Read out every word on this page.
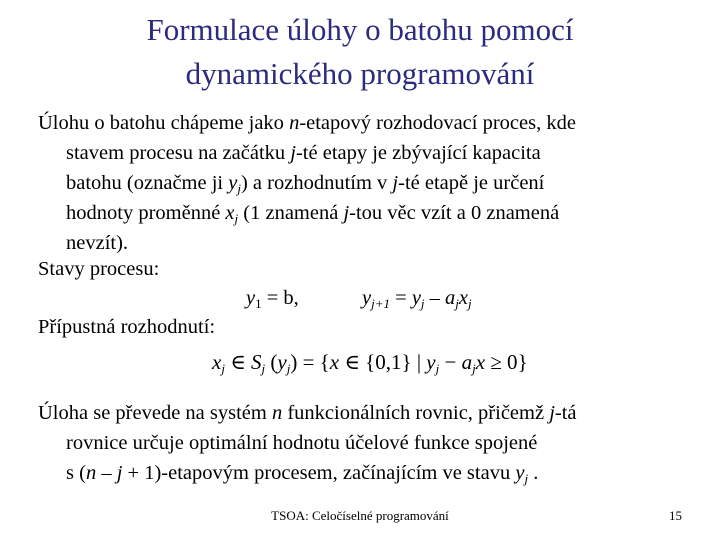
Formulace úlohy o batohu pomocí
dynamického programování
Úlohu o batohu chápeme jako n-etapový rozhodovací proces, kde
stavem procesu na začátku j-té etapy je zbývající kapacita
batohu (označme ji $y_j$) a rozhodnutím v j-té etapě je určení
hodnoty proměnné $x_j$ (1 znamená j-tou věc vzít a 0 znamená
nevzít).
Stavy procesu:
$y_1 = b$,	$y_{j+1} = y_j - a_jx_j$
Přípustná rozhodnutí:
$x_j$ ∈ $S_j$ $(y_j) = \{x$ ∈ {0,1} | $y_j - a_jx \ge 0$}
Úloha se převede na systém n funkcionálních rovnic, přičemž j-tá
rovnice určuje optimální hodnotu účelové funkce spojené
s (n – j + 1)-etapovým procesem, začínajícím ve stavu $y_j$ .
TSOA: Celočíselné programování	15
